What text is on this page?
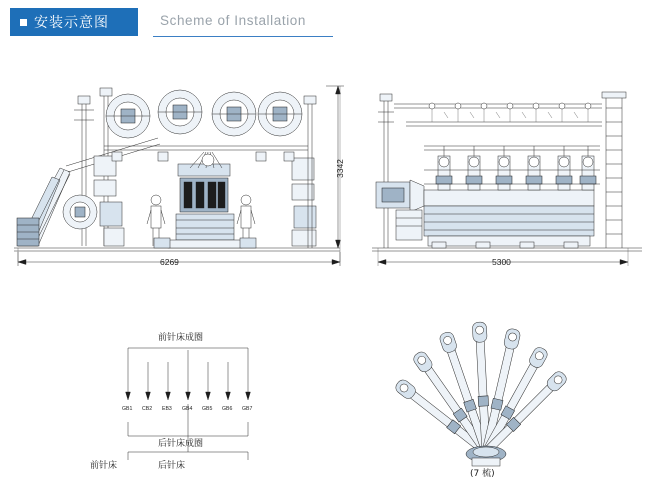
安装示意图	Scheme of Installation
6269
3342
5300
GB1 CB2 EB3 GB4 GB5 GB6 GB7
前针床成圈
后针床成圈
后针床
前针床
(7 梳)
